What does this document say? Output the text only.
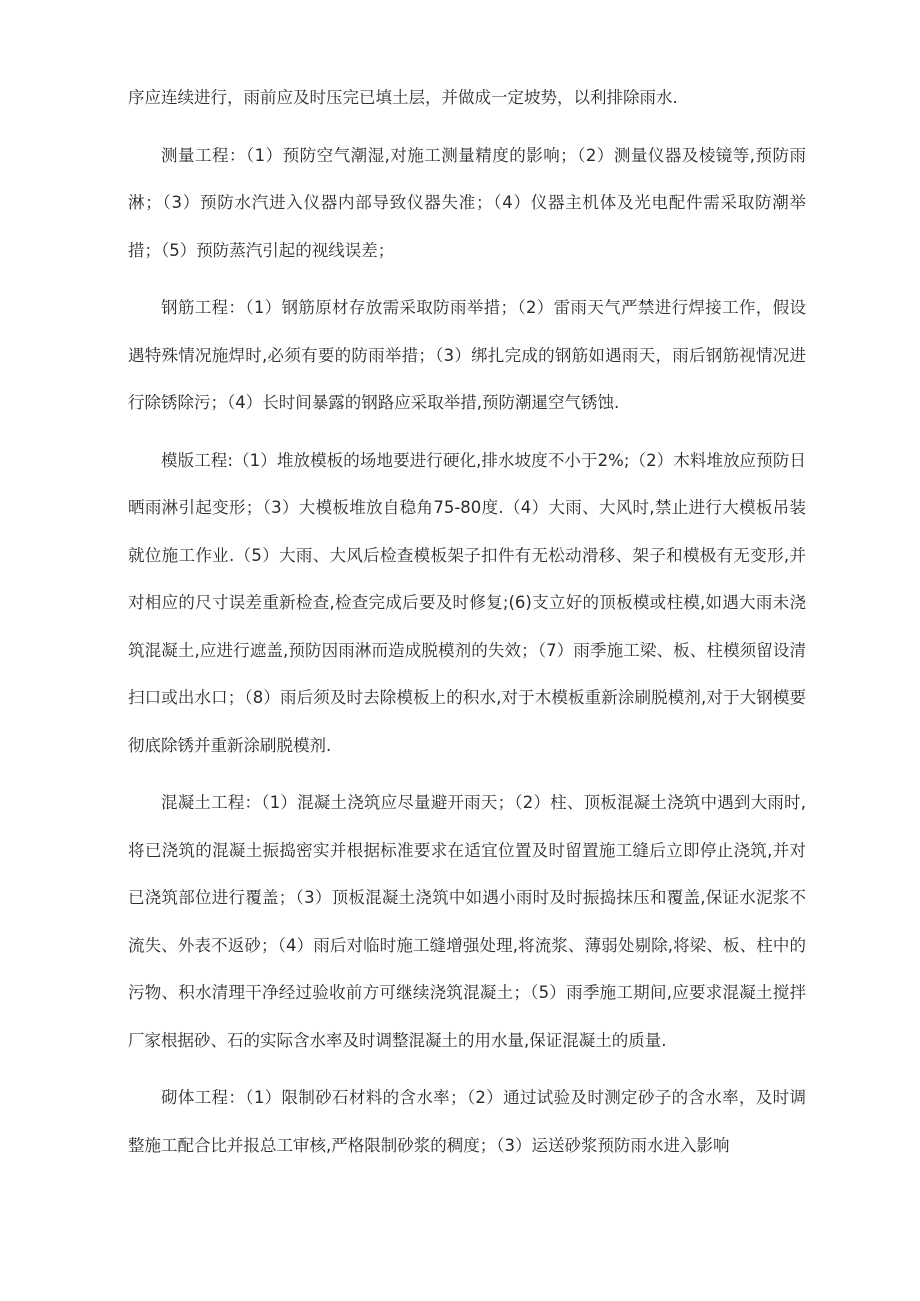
序应连续进行，雨前应及时压完已填土层，并做成一定坡势，以利排除雨水.

测量工程：（1）预防空气潮湿,对施工测量精度的影响；（2）测量仪器及棱镜等,预防雨淋；（3）预防水汽进入仪器内部导致仪器失准；（4）仪器主机体及光电配件需采取防潮举措；（5）预防蒸汽引起的视线误差；

钢筋工程：（1）钢筋原材存放需采取防雨举措；（2）雷雨天气严禁进行焊接工作，假设遇特殊情况施焊时,必须有要的防雨举措；（3）绑扎完成的钢筋如遇雨天，雨后钢筋视情况进行除锈除污；（4）长时间暴露的钢路应采取举措,预防潮暹空气锈蚀.

模版工程:（1）堆放模板的场地要进行硬化,排水坡度不小于2%;（2）木料堆放应预防日晒雨淋引起变形；（3）大模板堆放自稳角75-80度.（4）大雨、大风时,禁止进行大模板吊装就位施工作业.（5）大雨、大风后检查模板架子扣件有无松动滑移、架子和模极有无变形,并对相应的尺寸误差重新检查,检查完成后要及时修复;(6)支立好的顶板模或柱模,如遇大雨未浇筑混凝土,应进行遮盖,预防因雨淋而造成脱模剂的失效；（7）雨季施工梁、板、柱模须留设清扫口或出水口；（8）雨后须及时去除模板上的积水,对于木模板重新涂刷脱模剂,对于大钢模要彻底除锈并重新涂刷脱模剂.

混凝土工程：（1）混凝土浇筑应尽量避开雨天；（2）柱、顶板混凝土浇筑中遇到大雨时,将已浇筑的混凝土振捣密实并根据标准要求在适宜位置及时留置施工缝后立即停止浇筑,并对已浇筑部位进行覆盖；（3）顶板混凝土浇筑中如遇小雨时及时振捣抹压和覆盖,保证水泥浆不流失、外表不返砂；（4）雨后对临时施工缝增强处理,将流浆、薄弱处剔除,将梁、板、柱中的污物、积水清理干净经过验收前方可继续浇筑混凝土；（5）雨季施工期间,应要求混凝土搅拌厂家根据砂、石的实际含水率及时调整混凝土的用水量,保证混凝土的质量.

砌体工程：（1）限制砂石材料的含水率；（2）通过试验及时测定砂子的含水率，及时调整施工配合比并报总工审核,严格限制砂浆的稠度；（3）运送砂浆预防雨水进入影响
